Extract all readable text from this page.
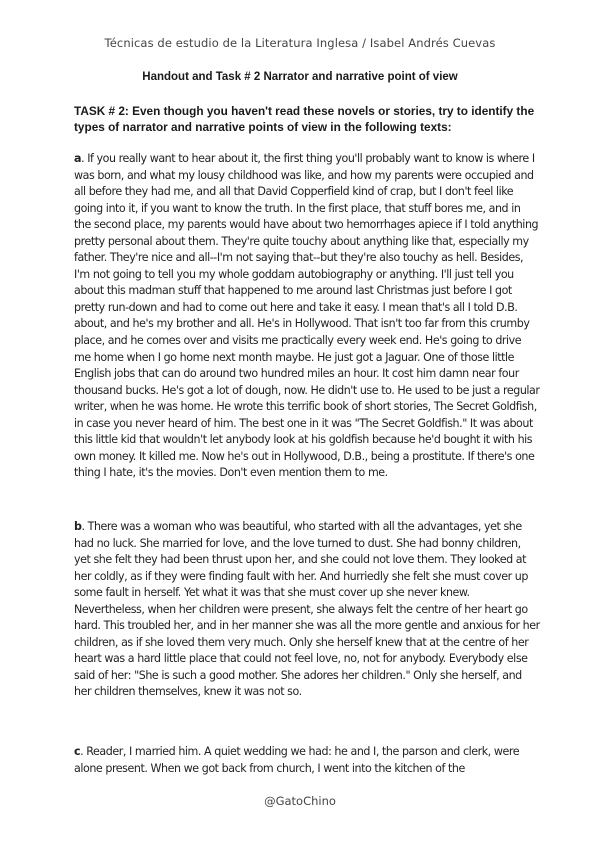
Técnicas de estudio de la Literatura Inglesa / Isabel Andrés Cuevas
Handout and Task # 2 Narrator and narrative point of view
TASK # 2: Even though you haven't read these novels or stories, try to identify the types of narrator and narrative points of view in the following texts:

a. If you really want to hear about it, the first thing you'll probably want to know is where I was born, and what my lousy childhood was like, and how my parents were occupied and all before they had me, and all that David Copperfield kind of crap, but I don't feel like going into it, if you want to know the truth. In the first place, that stuff bores me, and in the second place, my parents would have about two hemorrhages apiece if I told anything pretty personal about them. They're quite touchy about anything like that, especially my father. They're nice and all--I'm not saying that--but they're also touchy as hell. Besides, I'm not going to tell you my whole goddam autobiography or anything. I'll just tell you about this madman stuff that happened to me around last Christmas just before I got pretty run-down and had to come out here and take it easy. I mean that's all I told D.B. about, and he's my brother and all. He's in Hollywood. That isn't too far from this crumby place, and he comes over and visits me practically every week end. He's going to drive me home when I go home next month maybe. He just got a Jaguar. One of those little English jobs that can do around two hundred miles an hour. It cost him damn near four thousand bucks. He's got a lot of dough, now. He didn't use to. He used to be just a regular writer, when he was home. He wrote this terrific book of short stories, The Secret Goldfish, in case you never heard of him. The best one in it was "The Secret Goldfish." It was about this little kid that wouldn't let anybody look at his goldfish because he'd bought it with his own money. It killed me. Now he's out in Hollywood, D.B., being a prostitute. If there's one thing I hate, it's the movies. Don't even mention them to me.

b. There was a woman who was beautiful, who started with all the advantages, yet she had no luck. She married for love, and the love turned to dust. She had bonny children, yet she felt they had been thrust upon her, and she could not love them. They looked at her coldly, as if they were finding fault with her. And hurriedly she felt she must cover up some fault in herself. Yet what it was that she must cover up she never knew. Nevertheless, when her children were present, she always felt the centre of her heart go hard. This troubled her, and in her manner she was all the more gentle and anxious for her children, as if she loved them very much. Only she herself knew that at the centre of her heart was a hard little place that could not feel love, no, not for anybody. Everybody else said of her: "She is such a good mother. She adores her children." Only she herself, and her children themselves, knew it was not so.

c. Reader, I married him. A quiet wedding we had: he and I, the parson and clerk, were alone present. When we got back from church, I went into the kitchen of the

@GatoChino
